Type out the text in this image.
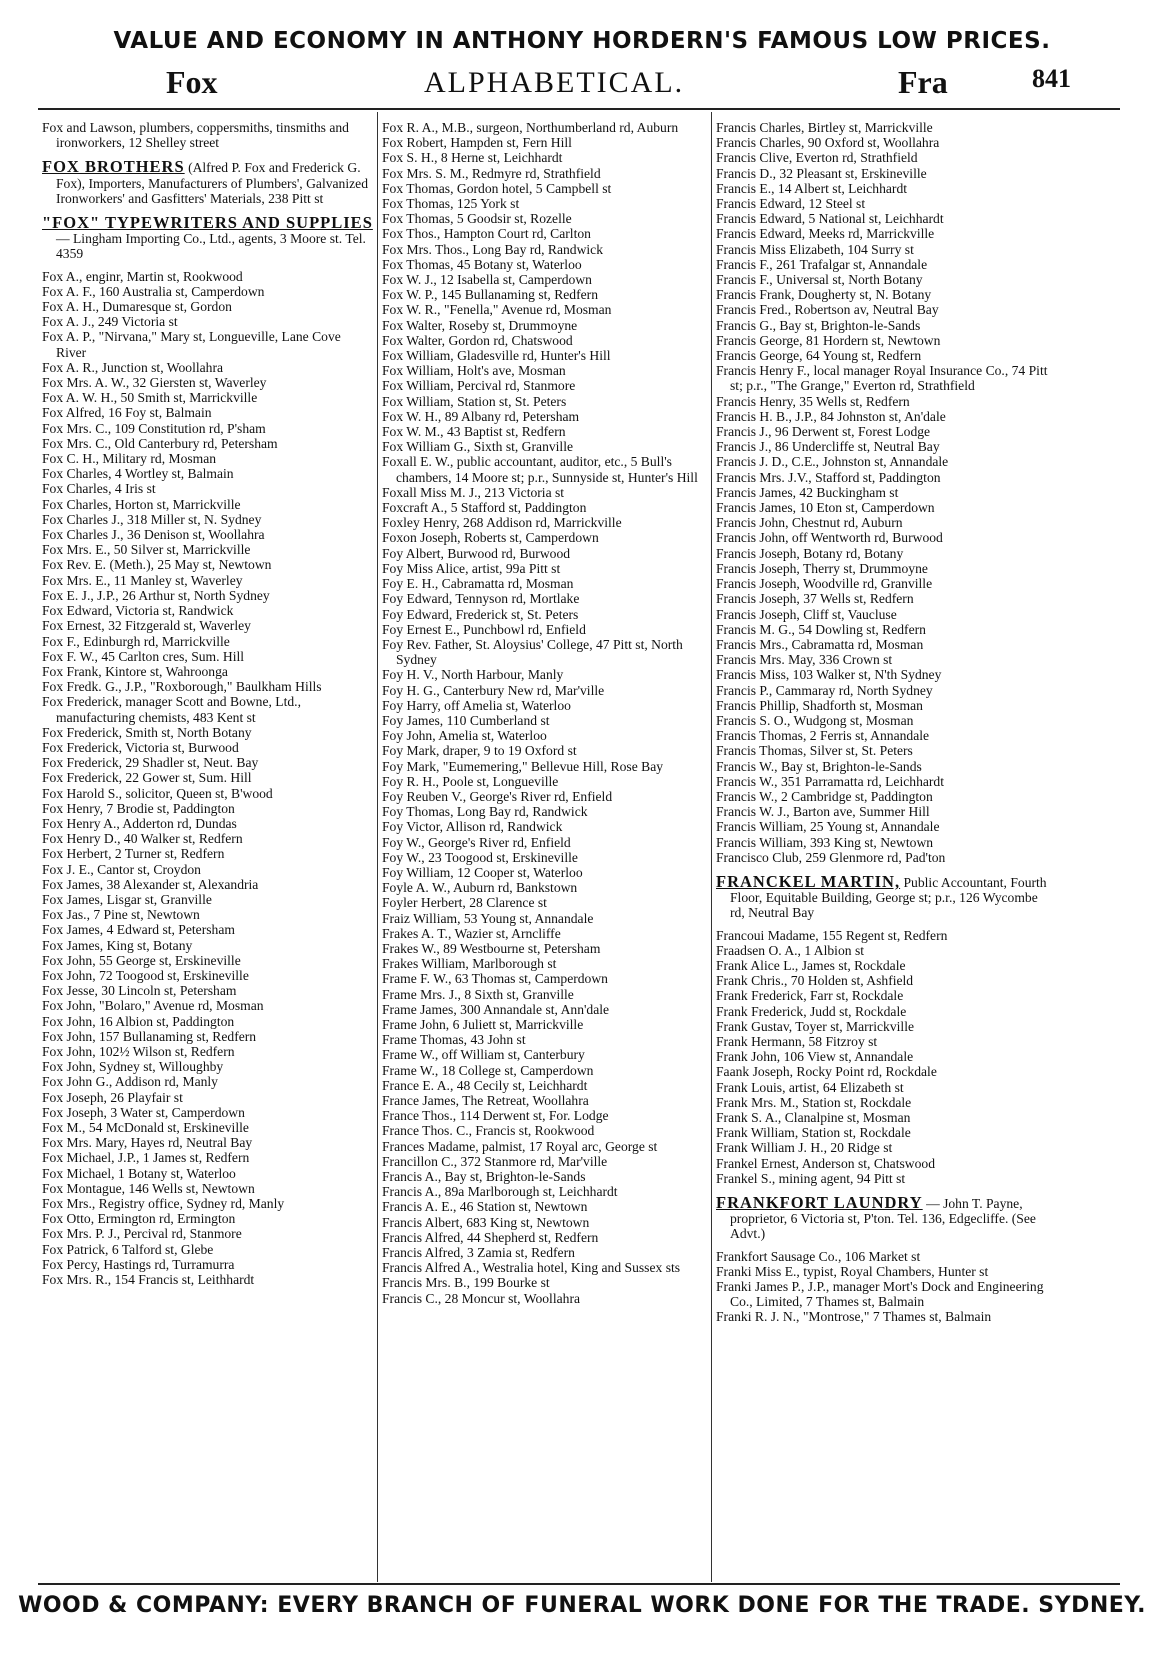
VALUE AND ECONOMY IN ANTHONY HORDERN'S FAMOUS LOW PRICES.
Fox	ALPHABETICAL.	Fra	841

Fox and Lawson, plumbers, coppersmiths, tinsmiths and ironworkers, 12 Shelley street

FOX BROTHERS (Alfred P. Fox and Frederick G. Fox), Importers, Manufacturers of Plumbers', Galvanized Ironworkers' and Gasfitters' Materials, 238 Pitt st

"FOX" TYPEWRITERS AND SUPPLIES — Lingham Importing Co., Ltd., agents, 3 Moore st. Tel. 4359

Fox A., enginr, Martin st, Rookwood

Fox A. F., 160 Australia st, Camperdown

Fox A. H., Dumaresque st, Gordon

Fox A. J., 249 Victoria st

Fox A. P., "Nirvana," Mary st, Longueville, Lane Cove River

Fox A. R., Junction st, Woollahra

Fox Mrs. A. W., 32 Giersten st, Waverley

Fox A. W. H., 50 Smith st, Marrickville

Fox Alfred, 16 Foy st, Balmain

Fox Mrs. C., 109 Constitution rd, P'sham

Fox Mrs. C., Old Canterbury rd, Petersham

Fox C. H., Military rd, Mosman

Fox Charles, 4 Wortley st, Balmain

Fox Charles, 4 Iris st

Fox Charles, Horton st, Marrickville

Fox Charles J., 318 Miller st, N. Sydney

Fox Charles J., 36 Denison st, Woollahra

Fox Mrs. E., 50 Silver st, Marrickville

Fox Rev. E. (Meth.), 25 May st, Newtown

Fox Mrs. E., 11 Manley st, Waverley

Fox E. J., J.P., 26 Arthur st, North Sydney

Fox Edward, Victoria st, Randwick

Fox Ernest, 32 Fitzgerald st, Waverley

Fox F., Edinburgh rd, Marrickville

Fox F. W., 45 Carlton cres, Sum. Hill

Fox Frank, Kintore st, Wahroonga

Fox Fredk. G., J.P., "Roxborough," Baulkham Hills

Fox Frederick, manager Scott and Bowne, Ltd., manufacturing chemists, 483 Kent st

Fox Frederick, Smith st, North Botany

Fox Frederick, Victoria st, Burwood

Fox Frederick, 29 Shadler st, Neut. Bay

Fox Frederick, 22 Gower st, Sum. Hill

Fox Harold S., solicitor, Queen st, B'wood

Fox Henry, 7 Brodie st, Paddington

Fox Henry A., Adderton rd, Dundas

Fox Henry D., 40 Walker st, Redfern

Fox Herbert, 2 Turner st, Redfern

Fox J. E., Cantor st, Croydon

Fox James, 38 Alexander st, Alexandria

Fox James, Lisgar st, Granville

Fox Jas., 7 Pine st, Newtown

Fox James, 4 Edward st, Petersham

Fox James, King st, Botany

Fox John, 55 George st, Erskineville

Fox John, 72 Toogood st, Erskineville

Fox Jesse, 30 Lincoln st, Petersham

Fox John, "Bolaro," Avenue rd, Mosman

Fox John, 16 Albion st, Paddington

Fox John, 157 Bullanaming st, Redfern

Fox John, 102½ Wilson st, Redfern

Fox John, Sydney st, Willoughby

Fox John G., Addison rd, Manly

Fox Joseph, 26 Playfair st

Fox Joseph, 3 Water st, Camperdown

Fox M., 54 McDonald st, Erskineville

Fox Mrs. Mary, Hayes rd, Neutral Bay

Fox Michael, J.P., 1 James st, Redfern

Fox Michael, 1 Botany st, Waterloo

Fox Montague, 146 Wells st, Newtown

Fox Mrs., Registry office, Sydney rd, Manly

Fox Otto, Ermington rd, Ermington

Fox Mrs. P. J., Percival rd, Stanmore

Fox Patrick, 6 Talford st, Glebe

Fox Percy, Hastings rd, Turramurra

Fox Mrs. R., 154 Francis st, Leithhardt

Fox R. A., M.B., surgeon, Northumberland rd, Auburn

Fox Robert, Hampden st, Fern Hill

Fox S. H., 8 Herne st, Leichhardt

Fox Mrs. S. M., Redmyre rd, Strathfield

Fox Thomas, Gordon hotel, 5 Campbell st

Fox Thomas, 125 York st

Fox Thomas, 5 Goodsir st, Rozelle

Fox Thos., Hampton Court rd, Carlton

Fox Mrs. Thos., Long Bay rd, Randwick

Fox Thomas, 45 Botany st, Waterloo

Fox W. J., 12 Isabella st, Camperdown

Fox W. P., 145 Bullanaming st, Redfern

Fox W. R., "Fenella," Avenue rd, Mosman

Fox Walter, Roseby st, Drummoyne

Fox Walter, Gordon rd, Chatswood

Fox William, Gladesville rd, Hunter's Hill

Fox William, Holt's ave, Mosman

Fox William, Percival rd, Stanmore

Fox William, Station st, St. Peters

Fox W. H., 89 Albany rd, Petersham

Fox W. M., 43 Baptist st, Redfern

Fox William G., Sixth st, Granville

Foxall E. W., public accountant, auditor, etc., 5 Bull's chambers, 14 Moore st; p.r., Sunnyside st, Hunter's Hill

Foxall Miss M. J., 213 Victoria st

Foxcraft A., 5 Stafford st, Paddington

Foxley Henry, 268 Addison rd, Marrickville

Foxon Joseph, Roberts st, Camperdown

Foy Albert, Burwood rd, Burwood

Foy Miss Alice, artist, 99a Pitt st

Foy E. H., Cabramatta rd, Mosman

Foy Edward, Tennyson rd, Mortlake

Foy Edward, Frederick st, St. Peters

Foy Ernest E., Punchbowl rd, Enfield

Foy Rev. Father, St. Aloysius' College, 47 Pitt st, North Sydney

Foy H. V., North Harbour, Manly

Foy H. G., Canterbury New rd, Mar'ville

Foy Harry, off Amelia st, Waterloo

Foy James, 110 Cumberland st

Foy John, Amelia st, Waterloo

Foy Mark, draper, 9 to 19 Oxford st

Foy Mark, "Eumemering," Bellevue Hill, Rose Bay

Foy R. H., Poole st, Longueville

Foy Reuben V., George's River rd, Enfield

Foy Thomas, Long Bay rd, Randwick

Foy Victor, Allison rd, Randwick

Foy W., George's River rd, Enfield

Foy W., 23 Toogood st, Erskineville

Foy William, 12 Cooper st, Waterloo

Foyle A. W., Auburn rd, Bankstown

Foyler Herbert, 28 Clarence st

Fraiz William, 53 Young st, Annandale

Frakes A. T., Wazier st, Arncliffe

Frakes W., 89 Westbourne st, Petersham

Frakes William, Marlborough st

Frame F. W., 63 Thomas st, Camperdown

Frame Mrs. J., 8 Sixth st, Granville

Frame James, 300 Annandale st, Ann'dale

Frame John, 6 Juliett st, Marrickville

Frame Thomas, 43 John st

Frame W., off William st, Canterbury

Frame W., 18 College st, Camperdown

France E. A., 48 Cecily st, Leichhardt

France James, The Retreat, Woollahra

France Thos., 114 Derwent st, For. Lodge

France Thos. C., Francis st, Rookwood

Frances Madame, palmist, 17 Royal arc, George st

Francillon C., 372 Stanmore rd, Mar'ville

Francis A., Bay st, Brighton-le-Sands

Francis A., 89a Marlborough st, Leichhardt

Francis A. E., 46 Station st, Newtown

Francis Albert, 683 King st, Newtown

Francis Alfred, 44 Shepherd st, Redfern

Francis Alfred, 3 Zamia st, Redfern

Francis Alfred A., Westralia hotel, King and Sussex sts

Francis Mrs. B., 199 Bourke st

Francis C., 28 Moncur st, Woollahra

Francis Charles, Birtley st, Marrickville

Francis Charles, 90 Oxford st, Woollahra

Francis Clive, Everton rd, Strathfield

Francis D., 32 Pleasant st, Erskineville

Francis E., 14 Albert st, Leichhardt

Francis Edward, 12 Steel st

Francis Edward, 5 National st, Leichhardt

Francis Edward, Meeks rd, Marrickville

Francis Miss Elizabeth, 104 Surry st

Francis F., 261 Trafalgar st, Annandale

Francis F., Universal st, North Botany

Francis Frank, Dougherty st, N. Botany

Francis Fred., Robertson av, Neutral Bay

Francis G., Bay st, Brighton-le-Sands

Francis George, 81 Hordern st, Newtown

Francis George, 64 Young st, Redfern

Francis Henry F., local manager Royal Insurance Co., 74 Pitt st; p.r., "The Grange," Everton rd, Strathfield

Francis Henry, 35 Wells st, Redfern

Francis H. B., J.P., 84 Johnston st, An'dale

Francis J., 96 Derwent st, Forest Lodge

Francis J., 86 Undercliffe st, Neutral Bay

Francis J. D., C.E., Johnston st, Annandale

Francis Mrs. J.V., Stafford st, Paddington

Francis James, 42 Buckingham st

Francis James, 10 Eton st, Camperdown

Francis John, Chestnut rd, Auburn

Francis John, off Wentworth rd, Burwood

Francis Joseph, Botany rd, Botany

Francis Joseph, Therry st, Drummoyne

Francis Joseph, Woodville rd, Granville

Francis Joseph, 37 Wells st, Redfern

Francis Joseph, Cliff st, Vaucluse

Francis M. G., 54 Dowling st, Redfern

Francis Mrs., Cabramatta rd, Mosman

Francis Mrs. May, 336 Crown st

Francis Miss, 103 Walker st, N'th Sydney

Francis P., Cammaray rd, North Sydney

Francis Phillip, Shadforth st, Mosman

Francis S. O., Wudgong st, Mosman

Francis Thomas, 2 Ferris st, Annandale

Francis Thomas, Silver st, St. Peters

Francis W., Bay st, Brighton-le-Sands

Francis W., 351 Parramatta rd, Leichhardt

Francis W., 2 Cambridge st, Paddington

Francis W. J., Barton ave, Summer Hill

Francis William, 25 Young st, Annandale

Francis William, 393 King st, Newtown

Francisco Club, 259 Glenmore rd, Pad'ton

FRANCKEL MARTIN, Public Accountant, Fourth Floor, Equitable Building, George st; p.r., 126 Wycombe rd, Neutral Bay

Francoui Madame, 155 Regent st, Redfern

Fraadsen O. A., 1 Albion st

Frank Alice L., James st, Rockdale

Frank Chris., 70 Holden st, Ashfield

Frank Frederick, Farr st, Rockdale

Frank Frederick, Judd st, Rockdale

Frank Gustav, Toyer st, Marrickville

Frank Hermann, 58 Fitzroy st

Frank John, 106 View st, Annandale

Faank Joseph, Rocky Point rd, Rockdale

Frank Louis, artist, 64 Elizabeth st

Frank Mrs. M., Station st, Rockdale

Frank S. A., Clanalpine st, Mosman

Frank William, Station st, Rockdale

Frank William J. H., 20 Ridge st

Frankel Ernest, Anderson st, Chatswood

Frankel S., mining agent, 94 Pitt st

FRANKFORT LAUNDRY — John T. Payne, proprietor, 6 Victoria st, P'ton. Tel. 136, Edgecliffe. (See Advt.)

Frankfort Sausage Co., 106 Market st

Franki Miss E., typist, Royal Chambers, Hunter st

Franki James P., J.P., manager Mort's Dock and Engineering Co., Limited, 7 Thames st, Balmain

Franki R. J. N., "Montrose," 7 Thames st, Balmain

WOOD & COMPANY: EVERY BRANCH OF FUNERAL WORK DONE FOR THE TRADE. SYDNEY.
